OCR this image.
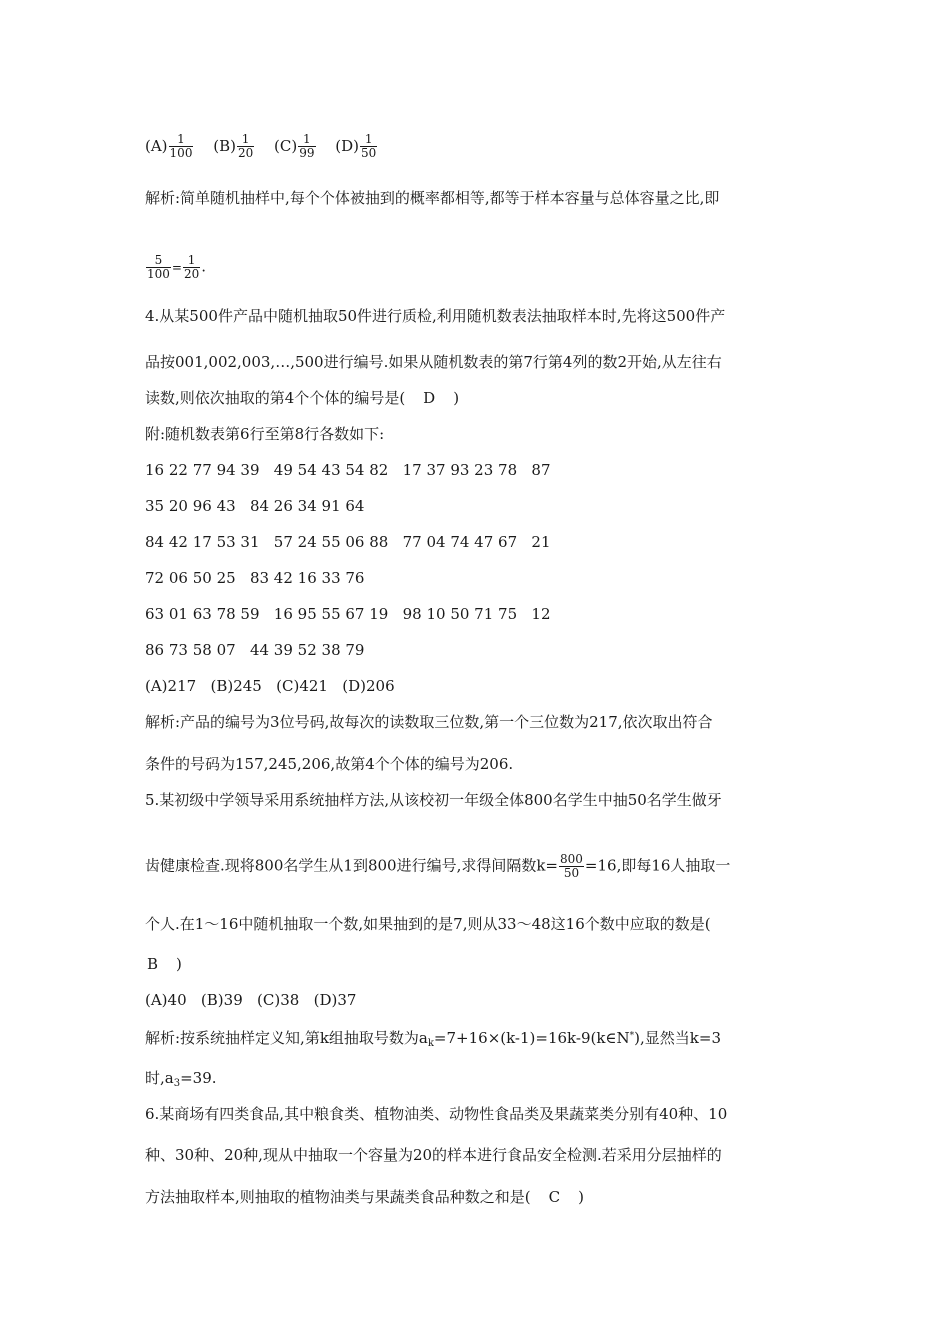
$(A) \frac{1}{100} (B) \frac{1}{20} (C) \frac{1}{99} (D) \frac{1}{50}$
解析:简单随机抽样中,每个个体被抽到的概率都相等,都等于样本容量与总体容量之比,即
$\frac{5}{100} = \frac{1}{20}$ .
4.从某500件产品中随机抽取50件进行质检,利用随机数表法抽取样本时,先将这500件产
品按001,002,003,…,500进行编号.如果从随机数表的第7行第4列的数2开始,从左往右
读数,则依次抽取的第4个个体的编号是( D )
附:随机数表第6行至第8行各数如下:
16 22 77 94 39   49 54 43 54 82   17 37 93 23 78   87
35 20 96 43   84 26 34 91 64
84 42 17 53 31   57 24 55 06 88   77 04 74 47 67   21
72 06 50 25   83 42 16 33 76
63 01 63 78 59   16 95 55 67 19   98 10 50 71 75   12
86 73 58 07   44 39 52 38 79
(A)217   (B)245   (C)421   (D)206
解析:产品的编号为3位号码,故每次的读数取三位数,第一个三位数为217,依次取出符合
条件的号码为157,245,206,故第4个个体的编号为206.
5.某初级中学领导采用系统抽样方法,从该校初一年级全体800名学生中抽50名学生做牙
齿健康检查.现将800名学生从1到800进行编号,求得间隔数$k= \frac{800}{50} =16$,即每16人抽取一
个人.在1～16中随机抽取一个数,如果抽到的是7,则从33～48这16个数中应取的数是(
B )
(A)40   (B)39   (C)38   (D)37
解析:按系统抽样定义知,第k组抽取号数为$a_k=7+16\times(k-1)=16k-9(k\in N^*)$,显然当k=3
时$,a_3=39$.
6.某商场有四类食品,其中粮食类、植物油类、动物性食品类及果蔬菜类分别有40种、10
种、30种、20种,现从中抽取一个容量为20的样本进行食品安全检测.若采用分层抽样的
方法抽取样本,则抽取的植物油类与果蔬类食品种数之和是( C )
